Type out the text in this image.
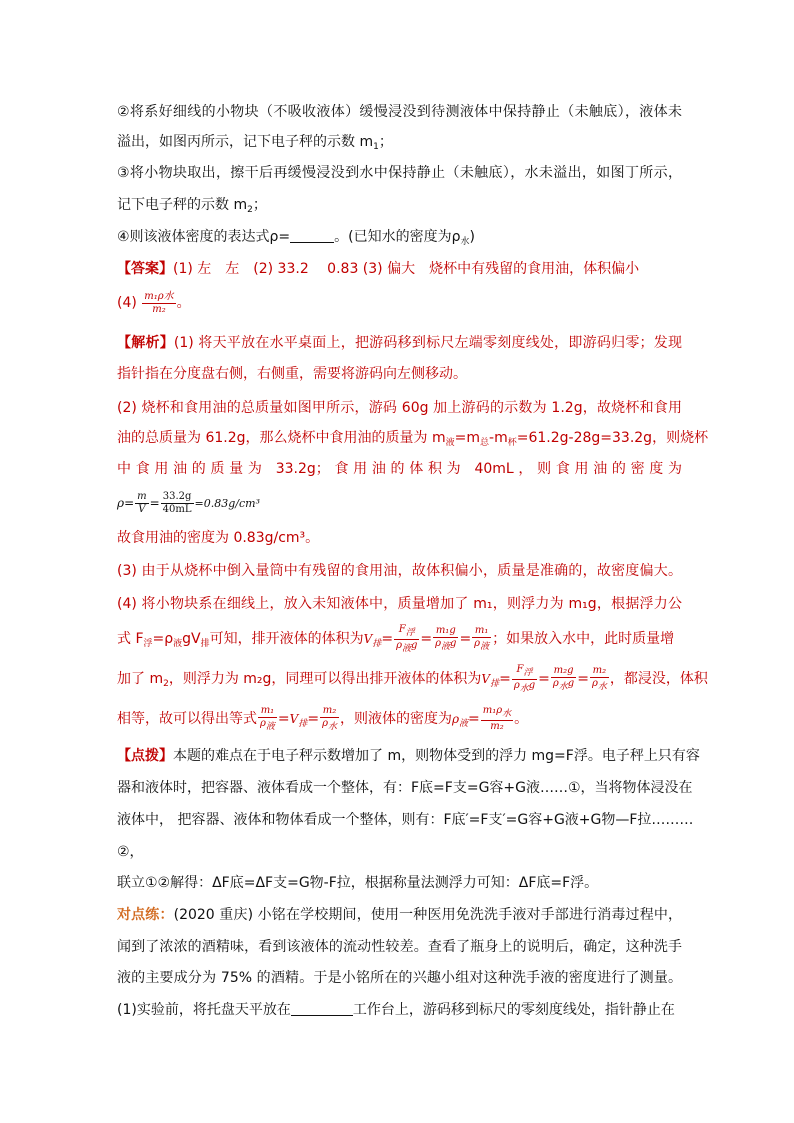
②将系好细线的小物块（不吸收液体）缓慢浸没到待测液体中保持静止（未触底），液体未
溢出，如图丙所示，记下电子秤的示数 $m_1$；
③将小物块取出，擦干后再缓慢浸没到水中保持静止（未触底），水未溢出，如图丁所示，
记下电子秤的示数 $m_2$；
④则该液体密度的表达式ρ=	。(已知水的密度为$\rho_水$)
【答案】(1) 左　左　(2) 33.2　 0.83 (3) 偏大　烧杯中有残留的食用油，体积偏小
$(4) \frac{\text{m₁ρ水}}{\text{m₂}}$ 。
【解析】(1) 将天平放在水平桌面上，把游码移到标尺左端零刻度线处，即游码归零；发现
指针指在分度盘右侧，右侧重，需要将游码向左侧移动。
(2) 烧杯和食用油的总质量如图甲所示，游码 60g 加上游码的示数为 1.2g，故烧杯和食用
油的总质量为 61.2g，那么烧杯中食用油的质量为 $m_液=m_总-m_杯=61.2g-28g=33.2g$，则烧杯
中食用油的质量为 33.2g；食用油的体积为 40mL，则食用油的密度为
$\rho= \frac{m}{V} = \frac{33.2g}{40mL} =0.83g/cm^3$
故食用油的密度为 0.83g/cm³。
(3) 由于从烧杯中倒入量筒中有残留的食用油，故体积偏小，质量是准确的，故密度偏大。
(4) 将小物块系在细线上，放入未知液体中，质量增加了 m₁，则浮力为 m₁g，根据浮力公
式 $F_浮=\rho_液gV_排$可知，排开液体的体积为$V_排= \frac{\text{F浮}}{\text{ρ液g}} = \frac{\text{m₁g}}{\text{ρ液g}} = \frac{\text{m₁}}{\text{ρ液}}$ ；如果放入水中，此时质量增
加了 $m_2$，则浮力为 m₂g，同理可以得出排开液体的体积为$V_排= \frac{\text{F浮}}{\text{ρ水g}} = \frac{\text{m₂g}}{\text{ρ水g}} = \frac{\text{m₂}}{\text{ρ水}}$ ，都浸没，体积
相等，故可以得出等式 $\frac{\text{m₁}}{\text{ρ液}} =V_排= \frac{\text{m₂}}{\text{ρ水}}$ ，则液体的密度为$\rho_液= \frac{\text{m₁ρ水}}{\text{m₂}}$ 。
【点拨】本题的难点在于电子秤示数增加了 m，则物体受到的浮力 mg=F浮。电子秤上只有容
器和液体时，把容器、液体看成一个整体，有：F底=F支=G容+G液……①，当将物体浸没在
液体中， 把容器、液体和物体看成一个整体，则有：F底′=F支′=G容+G液+G物—F拉………
②，
联立①②解得：ΔF底=ΔF支=G物-F拉，根据称量法测浮力可知：ΔF底=F浮。
对点练：(2020 重庆) 小铭在学校期间，使用一种医用免洗洗手液对手部进行消毒过程中，
闻到了浓浓的酒精味，看到该液体的流动性较差。查看了瓶身上的说明后，确定，这种洗手
液的主要成分为 75% 的酒精。于是小铭所在的兴趣小组对这种洗手液的密度进行了测量。
(1)实验前，将托盘天平放在	工作台上，游码移到标尺的零刻度线处，指针静止在
